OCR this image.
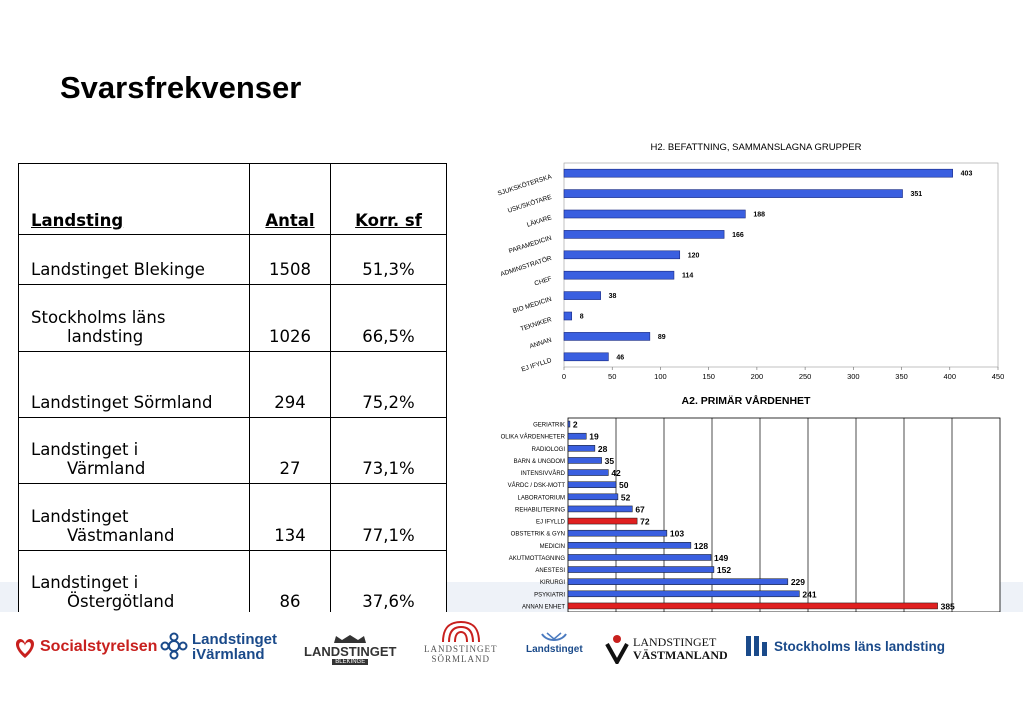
Svarsfrekvenser
Landsting	Antal	Korr. sf
Landstinget Blekinge	1508	51,3%
Stockholms läns
landsting	1026	66,5%
Landstinget Sörmland	294	75,2%
Landstinget i
Värmland	27	73,1%
Landstinget
Västmanland	134	77,1%
Landstinget i
Östergötland	86	37,6%
H2. BEFATTNING, SAMMANSLAGNA GRUPPER
403
SJUKSKÖTERSKA	351
USK/SKÖTARE
188
LÄKARE
166
PARAMEDICIN
120
ADMINISTRATÖR	114
CHEF
38
BIO MEDICIN
8
TEKNIKER
89
ANNAN
46
EJ IFYLLD
0	50	100	150	200	250	300	350	400	450
A2. PRIMÄR VÅRDENHET
2
GERIATRIK
19
OLIKA VÅRDENHETER
28
RADIOLOGI
35
BARN & UNGDOM
42
INTENSIVVÅRD
50
VÅRDC / DSK-MOTT
52
LABORATORIUM
67
REHABILITERING
72
EJ IFYLLD
103
OBSTETRIK & GYN
128
MEDICIN
149
AKUTMOTTAGNING
152
ANESTESI
229
KIRURGI
241
PSYKIATRI
385
ANNAN ENHET
Socialstyrelsen Landstinget
iVärmland	LANDSTINGET
BLEKINGE
LANDSTINGET
SÖRMLAND
Landstinget
LANDSTINGET
VÄSTMANLAND
Stockholms läns landsting
